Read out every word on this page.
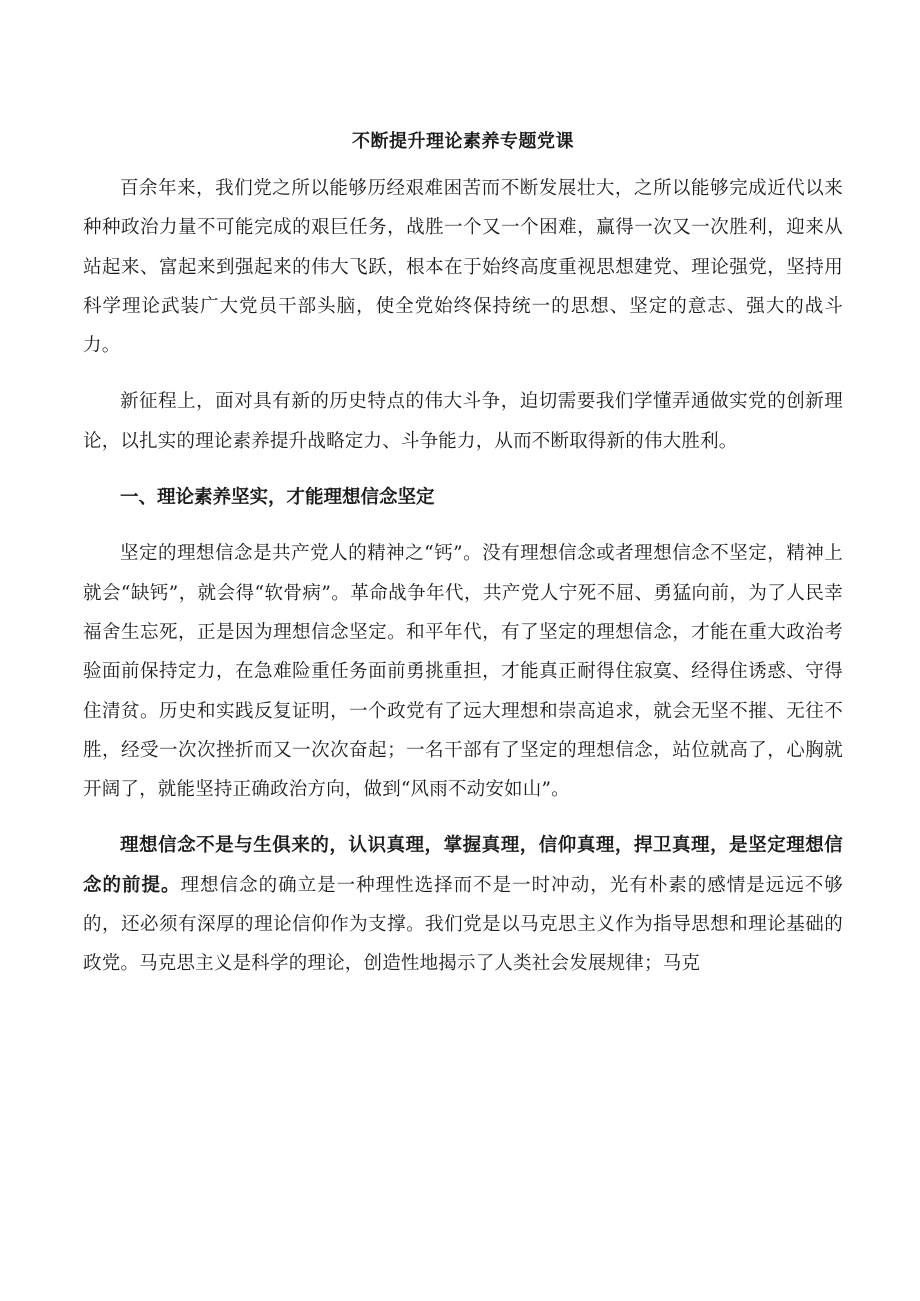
不断提升理论素养专题党课

百余年来，我们党之所以能够历经艰难困苦而不断发展壮大，之所以能够完成近代以来种种政治力量不可能完成的艰巨任务，战胜一个又一个困难，赢得一次又一次胜利，迎来从站起来、富起来到强起来的伟大飞跃，根本在于始终高度重视思想建党、理论强党，坚持用科学理论武装广大党员干部头脑，使全党始终保持统一的思想、坚定的意志、强大的战斗力。

新征程上，面对具有新的历史特点的伟大斗争，迫切需要我们学懂弄通做实党的创新理论，以扎实的理论素养提升战略定力、斗争能力，从而不断取得新的伟大胜利。

一、理论素养坚实，才能理想信念坚定

坚定的理想信念是共产党人的精神之“钙”。没有理想信念或者理想信念不坚定，精神上就会“缺钙”，就会得“软骨病”。革命战争年代，共产党人宁死不屈、勇猛向前，为了人民幸福舍生忘死，正是因为理想信念坚定。和平年代，有了坚定的理想信念，才能在重大政治考验面前保持定力，在急难险重任务面前勇挑重担，才能真正耐得住寂寞、经得住诱惑、守得住清贫。历史和实践反复证明，一个政党有了远大理想和崇高追求，就会无坚不摧、无往不胜，经受一次次挫折而又一次次奋起；一名干部有了坚定的理想信念，站位就高了，心胸就开阔了，就能坚持正确政治方向，做到“风雨不动安如山”。

理想信念不是与生俱来的，认识真理，掌握真理，信仰真理，捍卫真理，是坚定理想信念的前提。理想信念的确立是一种理性选择而不是一时冲动，光有朴素的感情是远远不够的，还必须有深厚的理论信仰作为支撑。我们党是以马克思主义作为指导思想和理论基础的政党。马克思主义是科学的理论，创造性地揭示了人类社会发展规律；马克
